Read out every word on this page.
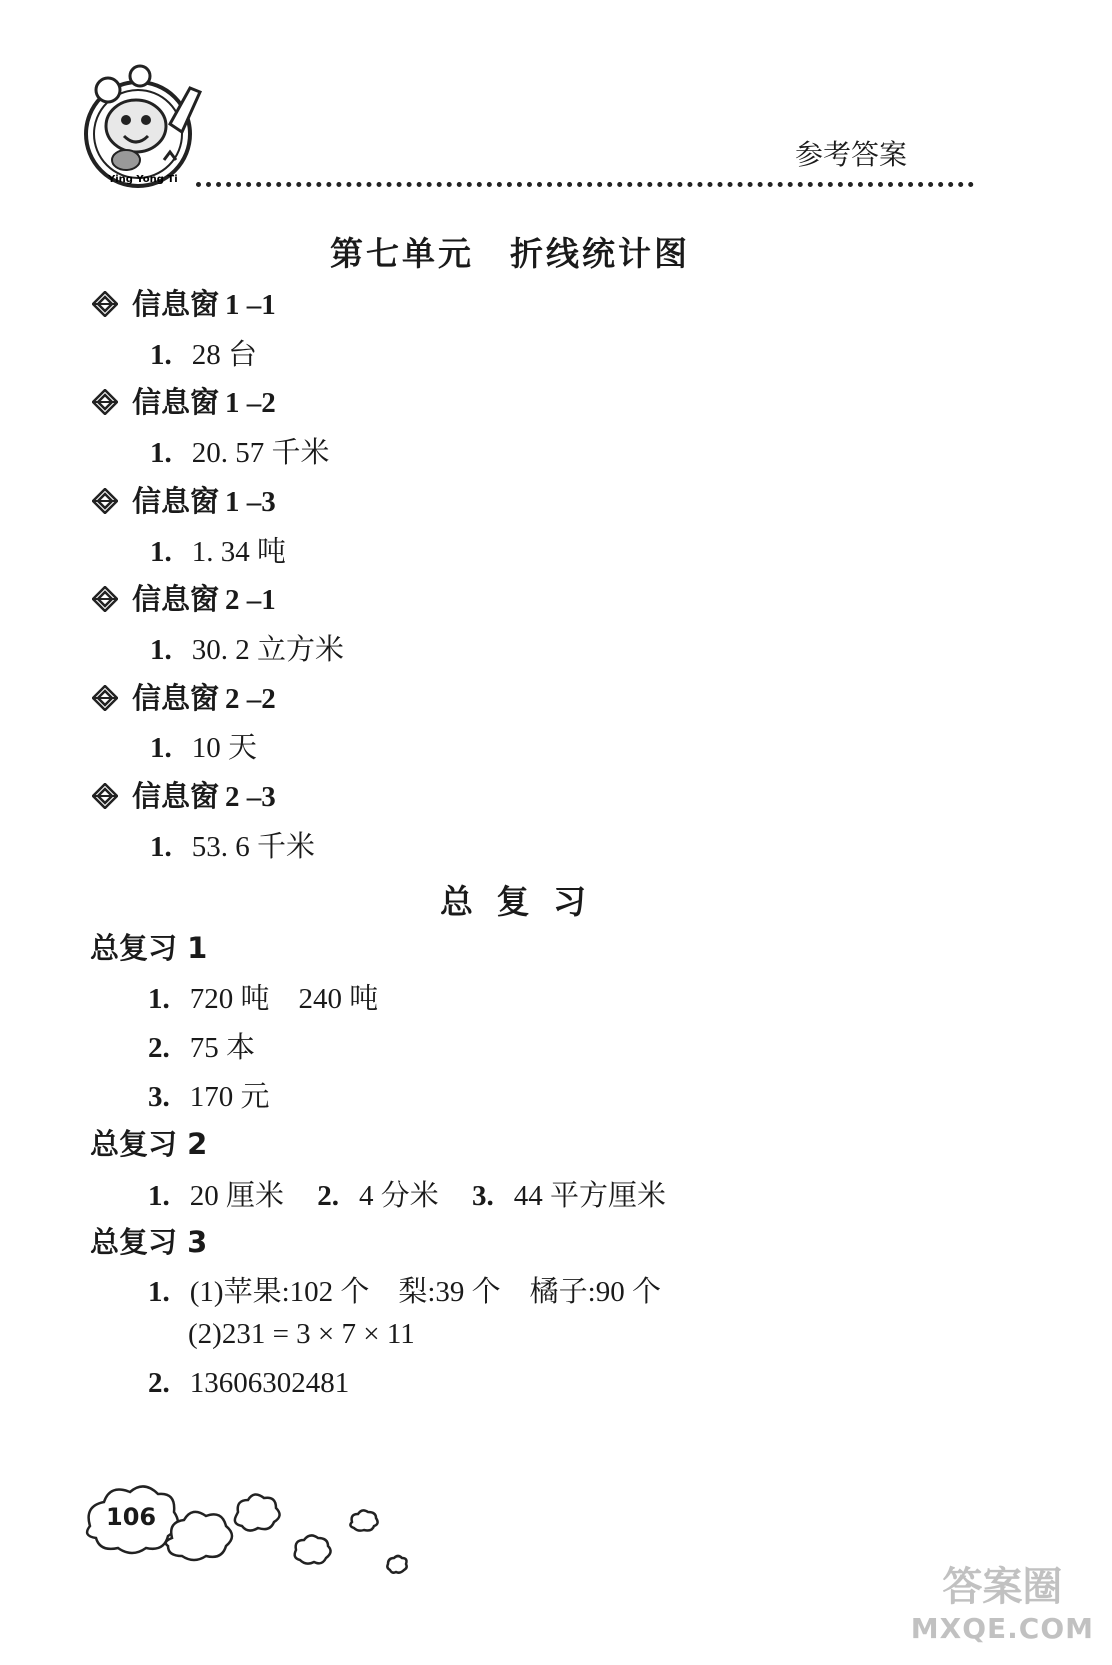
Ying Yong Ti
参考答案
第七单元　折线统计图
信息窗 1 –1
1. 28 台
信息窗 1 –2
1. 20. 57 千米
信息窗 1 –3
1. 1. 34 吨
信息窗 2 –1
1. 30. 2 立方米
信息窗 2 –2
1. 10 天
信息窗 2 –3
1. 53. 6 千米
总 复 习
总复习 1
1. 720 吨　240 吨
2. 75 本
3. 170 元
总复习 2
1. 20 厘米 2. 4 分米 3. 44 平方厘米
总复习 3
1. (1)苹果:102 个　梨:39 个　橘子:90 个
(2)231 = 3 × 7 × 11
2. 13606302481
106
答案圈
MXQE.COM
